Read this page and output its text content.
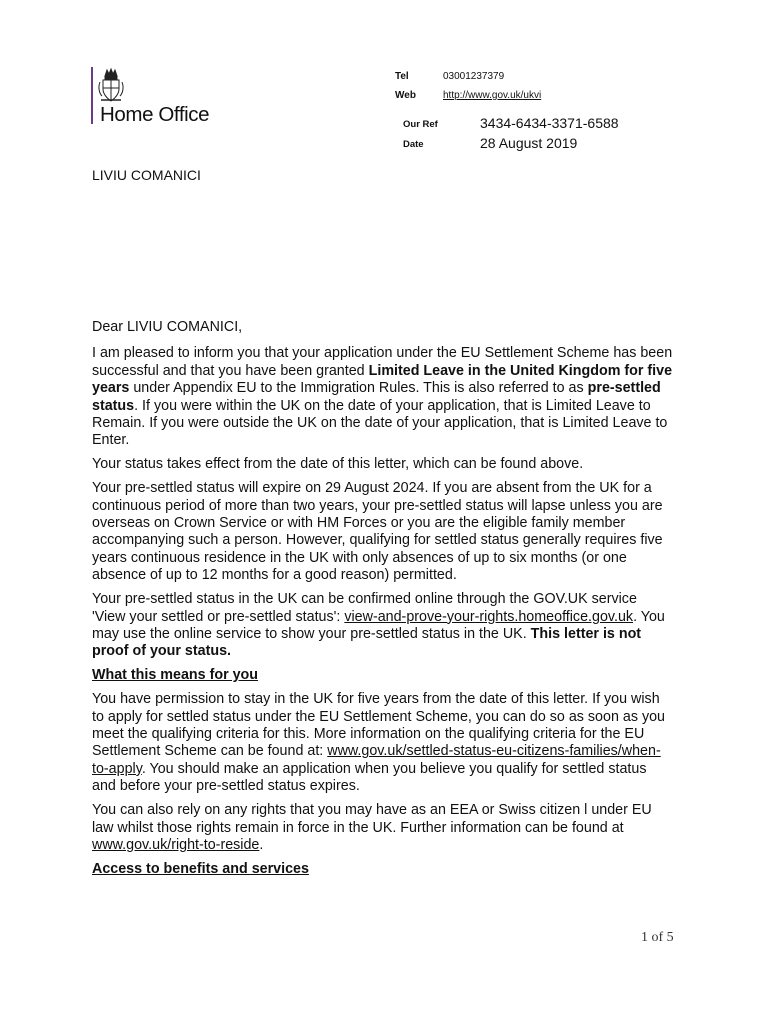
Home Office
Tel	03001237379
Web	http://www.gov.uk/ukvi
Our Ref	3434-6434-3371-6588
Date	28 August 2019
LIVIU COMANICI

Dear LIVIU COMANICI,

I am pleased to inform you that your application under the EU Settlement Scheme has been successful and that you have been granted Limited Leave in the United Kingdom for five years under Appendix EU to the Immigration Rules. This is also referred to as pre-settled status. If you were within the UK on the date of your application, that is Limited Leave to Remain. If you were outside the UK on the date of your application, that is Limited Leave to Enter.

Your status takes effect from the date of this letter, which can be found above.

Your pre-settled status will expire on 29 August 2024. If you are absent from the UK for a continuous period of more than two years, your pre-settled status will lapse unless you are overseas on Crown Service or with HM Forces or you are the eligible family member accompanying such a person. However, qualifying for settled status generally requires five years continuous residence in the UK with only absences of up to six months (or one absence of up to 12 months for a good reason) permitted.

Your pre-settled status in the UK can be confirmed online through the GOV.UK service 'View your settled or pre-settled status': view-and-prove-your-rights.homeoffice.gov.uk. You may use the online service to show your pre-settled status in the UK. This letter is not proof of your status.

What this means for you

You have permission to stay in the UK for five years from the date of this letter. If you wish to apply for settled status under the EU Settlement Scheme, you can do so as soon as you meet the qualifying criteria for this. More information on the qualifying criteria for the EU Settlement Scheme can be found at: www.gov.uk/settled-status-eu-citizens-families/when-to-apply. You should make an application when you believe you qualify for settled status and before your pre-settled status expires.

You can also rely on any rights that you may have as an EEA or Swiss citizen l under EU law whilst those rights remain in force in the UK. Further information can be found at www.gov.uk/right-to-reside.

Access to benefits and services
1 of 5
